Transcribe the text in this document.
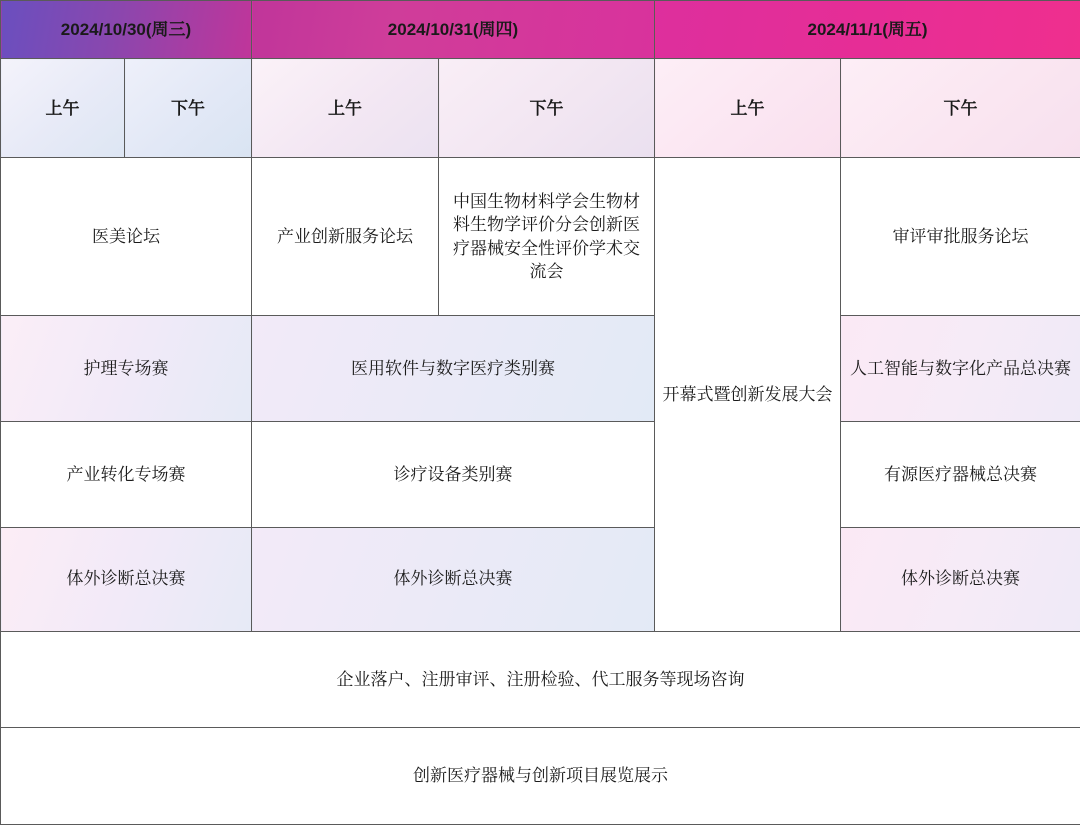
2024/10/30(周三)		2024/10/31(周四)		2024/11/1(周五)	
上午	下午	上午	下午	上午	下午
医美论坛		产业创新服务论坛	中国生物材料学会生物材料生物学评价分会创新医疗器械安全性评价学术交流会	开幕式暨创新发展大会	审评审批服务论坛
护理专场赛		医用软件与数字医疗类别赛			人工智能与数字化产品总决赛
产业转化专场赛		诊疗设备类别赛			有源医疗器械总决赛
体外诊断总决赛		体外诊断总决赛			体外诊断总决赛
企业落户、注册审评、注册检验、代工服务等现场咨询					
创新医疗器械与创新项目展览展示					
